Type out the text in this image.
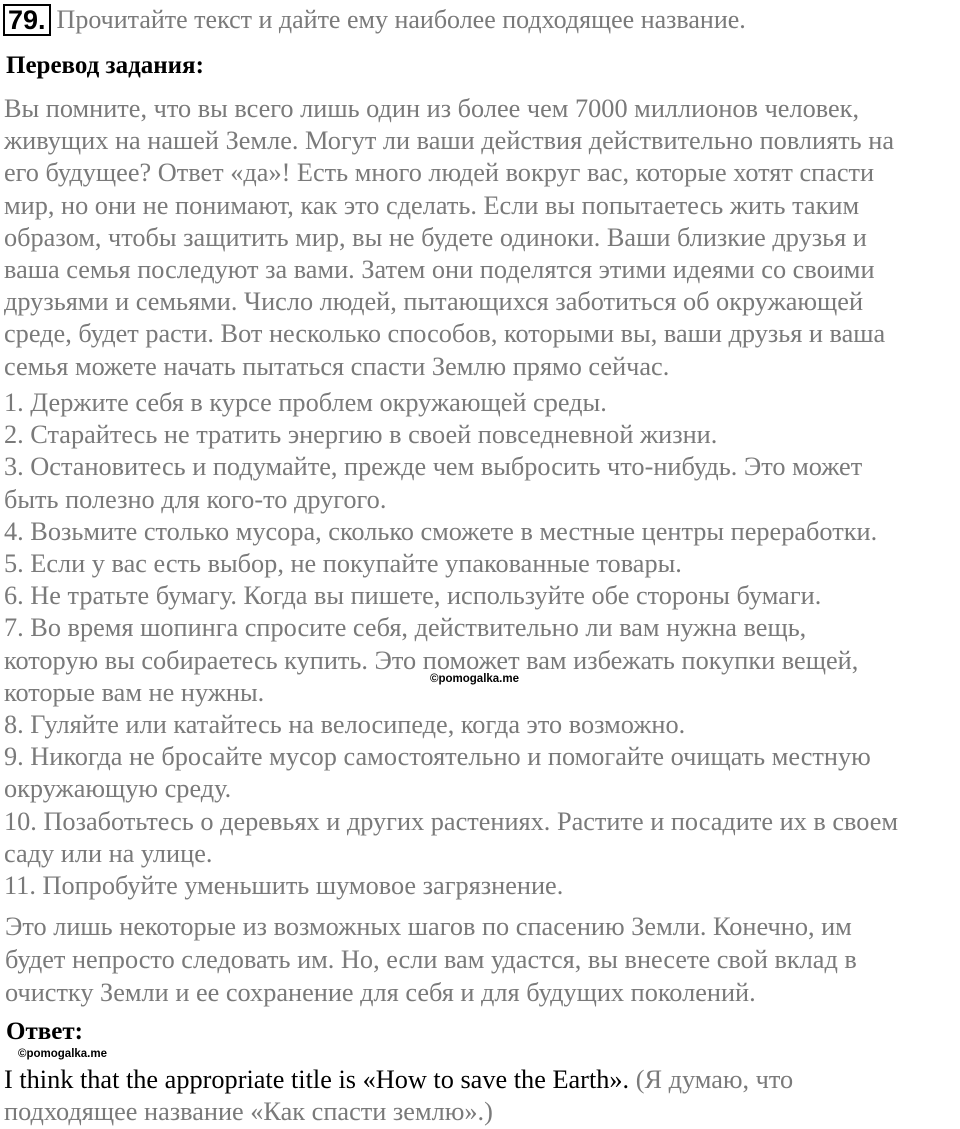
79. Прочитайте текст и дайте ему наиболее подходящее название.
Перевод задания:
Вы помните, что вы всего лишь один из более чем 7000 миллионов человек,
живущих на нашей Земле. Могут ли ваши действия действительно повлиять на
его будущее? Ответ «да»! Есть много людей вокруг вас, которые хотят спасти
мир, но они не понимают, как это сделать. Если вы попытаетесь жить таким
образом, чтобы защитить мир, вы не будете одиноки. Ваши близкие друзья и
ваша семья последуют за вами. Затем они поделятся этими идеями со своими
друзьями и семьями. Число людей, пытающихся заботиться об окружающей
среде, будет расти. Вот несколько способов, которыми вы, ваши друзья и ваша
семья можете начать пытаться спасти Землю прямо сейчас.
1. Держите себя в курсе проблем окружающей среды.
2. Старайтесь не тратить энергию в своей повседневной жизни.
3. Остановитесь и подумайте, прежде чем выбросить что-нибудь. Это может
быть полезно для кого-то другого.
4. Возьмите столько мусора, сколько сможете в местные центры переработки.
5. Если у вас есть выбор, не покупайте упакованные товары.
6. Не тратьте бумагу. Когда вы пишете, используйте обе стороны бумаги.
7. Во время шопинга спросите себя, действительно ли вам нужна вещь,
которую вы собираетесь купить. Это поможет вам избежать покупки вещей,
которые вам не нужны.
8. Гуляйте или катайтесь на велосипеде, когда это возможно.
9. Никогда не бросайте мусор самостоятельно и помогайте очищать местную
окружающую среду.
10. Позаботьтесь о деревьях и других растениях. Растите и посадите их в своем
саду или на улице.
11. Попробуйте уменьшить шумовое загрязнение.
Это лишь некоторые из возможных шагов по спасению Земли. Конечно, им
будет непросто следовать им. Но, если вам удастся, вы внесете свой вклад в
очистку Земли и ее сохранение для себя и для будущих поколений.
Ответ:
I think that the appropriate title is «How to save the Earth». (Я думаю, что
подходящее название «Как спасти землю».)
©pomogalka.me
©pomogalka.me
